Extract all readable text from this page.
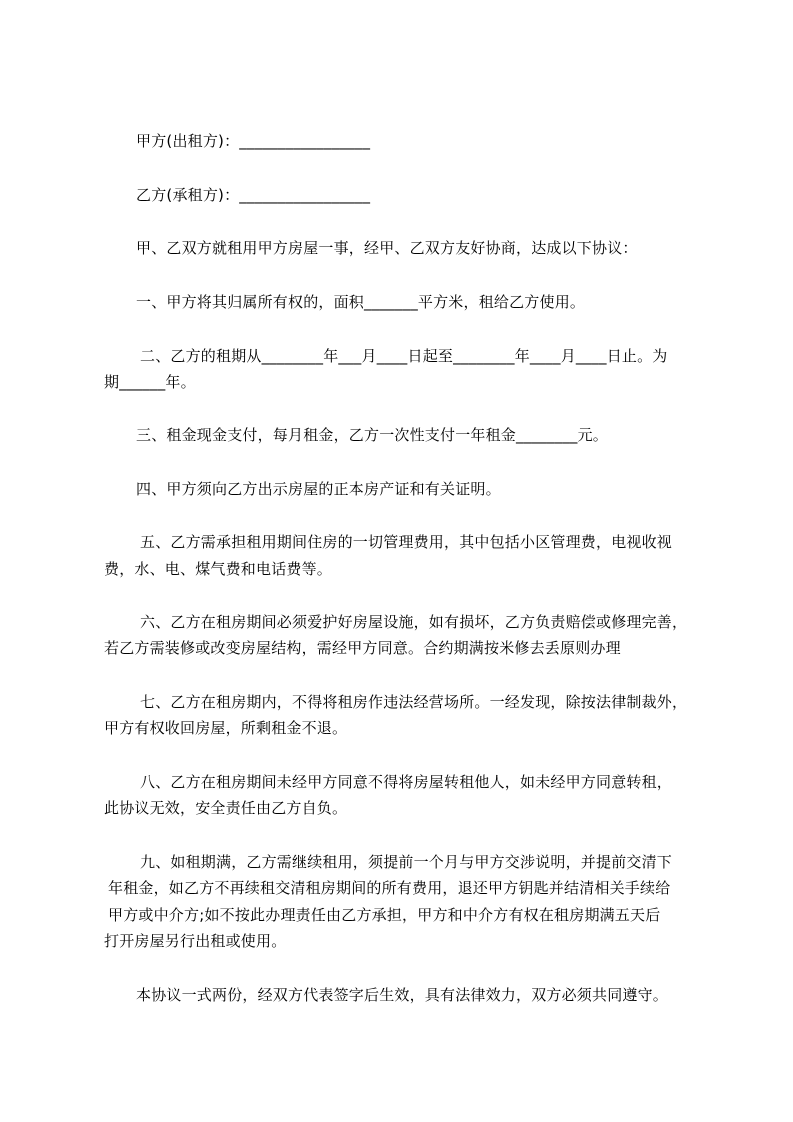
甲方(出租方)：_________________
乙方(承租方)：_________________
甲、乙双方就租用甲方房屋一事，经甲、乙双方友好协商，达成以下协议：
一、甲方将其归属所有权的，面积_______平方米，租给乙方使用。
二、乙方的租期从________年___月____日起至________年____月____日止。为
期______年。
三、租金现金支付，每月租金，乙方一次性支付一年租金________元。
四、甲方须向乙方出示房屋的正本房产证和有关证明。
五、乙方需承担租用期间住房的一切管理费用，其中包括小区管理费，电视收视
费，水、电、煤气费和电话费等。
六、乙方在租房期间必须爱护好房屋设施，如有损坏，乙方负责赔偿或修理完善，
若乙方需装修或改变房屋结构，需经甲方同意。合约期满按米修去丢原则办理
七、乙方在租房期内，不得将租房作违法经营场所。一经发现，除按法律制裁外，
甲方有权收回房屋，所剩租金不退。
八、乙方在租房期间未经甲方同意不得将房屋转租他人，如未经甲方同意转租，
此协议无效，安全责任由乙方自负。
九、如租期满，乙方需继续租用，须提前一个月与甲方交涉说明，并提前交清下
年租金，如乙方不再续租交清租房期间的所有费用，退还甲方钥匙并结清相关手续给
甲方或中介方;如不按此办理责任由乙方承担，甲方和中介方有权在租房期满五天后
打开房屋另行出租或使用。
本协议一式两份，经双方代表签字后生效，具有法律效力，双方必须共同遵守。
